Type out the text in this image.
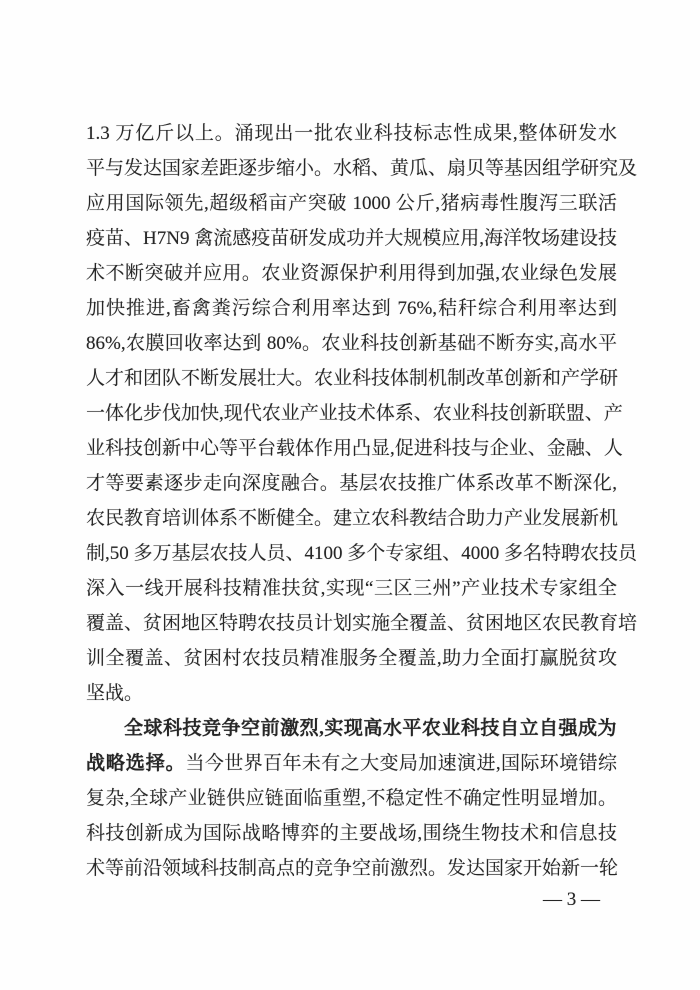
1.3 万亿斤以上。涌现出一批农业科技标志性成果,整体研发水
平与发达国家差距逐步缩小。水稻、黄瓜、扇贝等基因组学研究及
应用国际领先,超级稻亩产突破 1000 公斤,猪病毒性腹泻三联活
疫苗、H7N9 禽流感疫苗研发成功并大规模应用,海洋牧场建设技
术不断突破并应用。农业资源保护利用得到加强,农业绿色发展
加快推进,畜禽粪污综合利用率达到 76%,秸秆综合利用率达到
86%,农膜回收率达到 80%。农业科技创新基础不断夯实,高水平
人才和团队不断发展壮大。农业科技体制机制改革创新和产学研
一体化步伐加快,现代农业产业技术体系、农业科技创新联盟、产
业科技创新中心等平台载体作用凸显,促进科技与企业、金融、人
才等要素逐步走向深度融合。基层农技推广体系改革不断深化,
农民教育培训体系不断健全。建立农科教结合助力产业发展新机
制,50 多万基层农技人员、4100 多个专家组、4000 多名特聘农技员
深入一线开展科技精准扶贫,实现“三区三州”产业技术专家组全
覆盖、贫困地区特聘农技员计划实施全覆盖、贫困地区农民教育培
训全覆盖、贫困村农技员精准服务全覆盖,助力全面打赢脱贫攻
坚战。
全球科技竞争空前激烈,实现高水平农业科技自立自强成为
战略选择。当今世界百年未有之大变局加速演进,国际环境错综
复杂,全球产业链供应链面临重塑,不稳定性不确定性明显增加。
科技创新成为国际战略博弈的主要战场,围绕生物技术和信息技
术等前沿领域科技制高点的竞争空前激烈。发达国家开始新一轮
— 3 —
